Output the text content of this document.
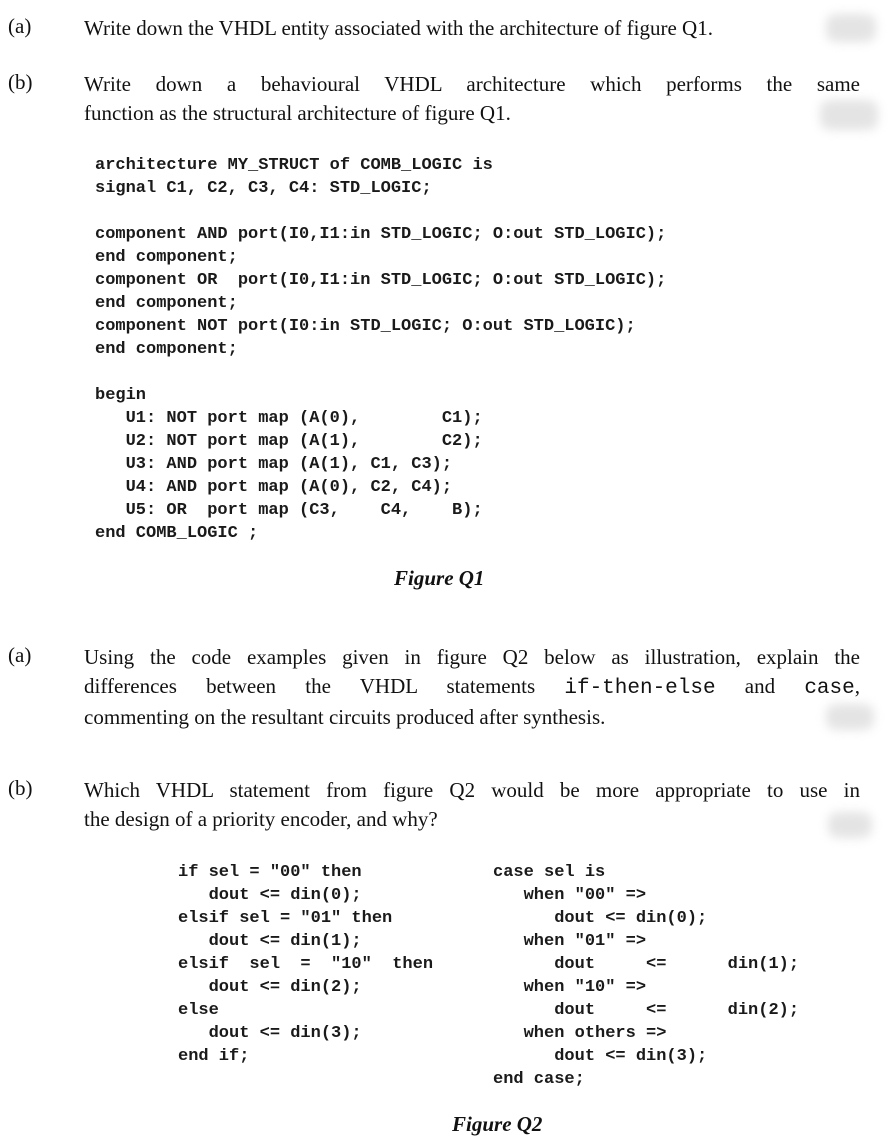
(a)	Write down the VHDL entity associated with the architecture of figure Q1.
(b) Write down a behavioural VHDL architecture which performs the same
function as the structural architecture of figure Q1.
architecture MY_STRUCT of COMB_LOGIC is
signal C1, C2, C3, C4: STD_LOGIC;
component AND port(I0,I1:in STD_LOGIC; O:out STD_LOGIC);
end component;
component OR  port(I0,I1:in STD_LOGIC; O:out STD_LOGIC);
end component;
component NOT port(I0:in STD_LOGIC; O:out STD_LOGIC);
end component;
begin
U1: NOT port map (A(0),        C1);
U2: NOT port map (A(1),        C2);
U3: AND port map (A(1), C1, C3);
U4: AND port map (A(0), C2, C4);
U5: OR  port map (C3,    C4,    B);
end COMB_LOGIC ;
Figure Q1
(a)	Using the code examples given in figure Q2 below as illustration, explain the
differences between the VHDL statements if-then-else and case,
commenting on the resultant circuits produced after synthesis.
(b) Which VHDL statement from figure Q2 would be more appropriate to use in
the design of a priority encoder, and why?
if sel = "00" then
dout <= din(0);
elsif sel = "01" then
dout <= din(1);
elsif  sel  =  "10"  then
dout <= din(2);
else
dout <= din(3);
end if;
case sel is
when "00" =>
dout <= din(0);
when "01" =>
dout     <=      din(1);
when "10" =>
dout     <=      din(2);
when others =>
dout <= din(3);
end case;
Figure Q2
